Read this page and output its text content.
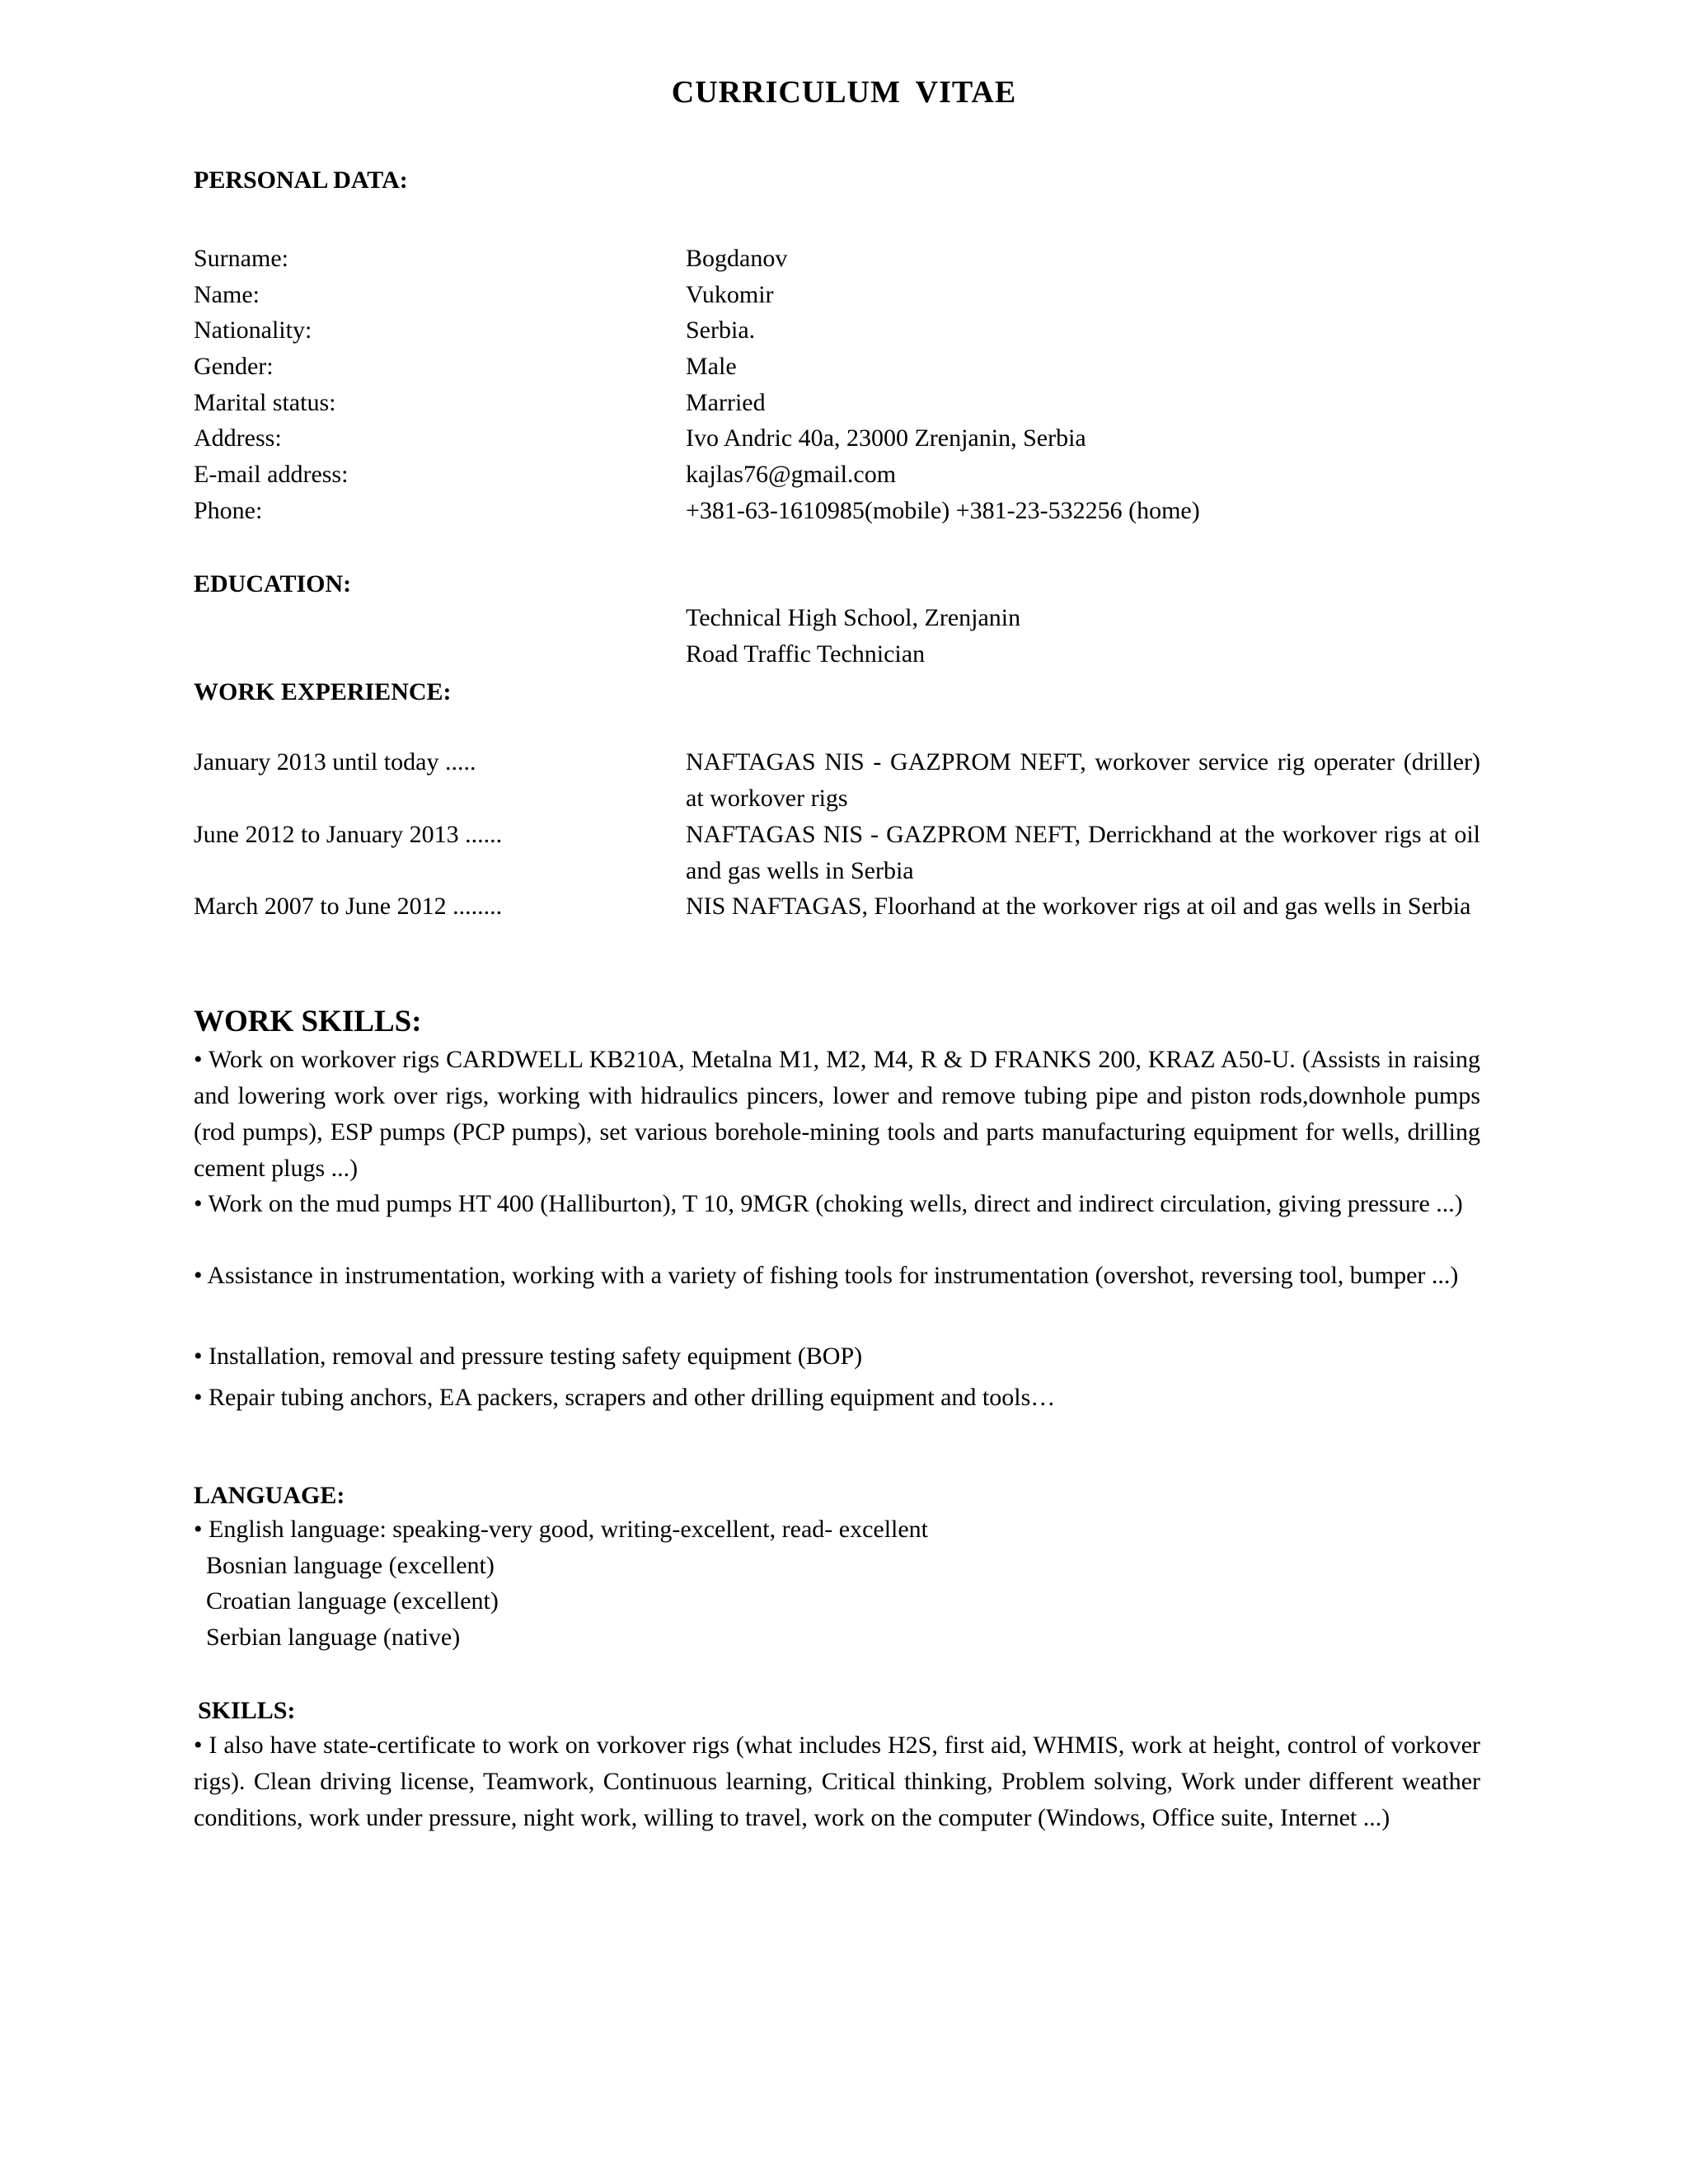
CURRICULUM VITAE
PERSONAL DATA:
Surname:	Bogdanov
Name:	Vukomir
Nationality:	Serbia.
Gender:	Male
Marital status:	Married
Address:	Ivo Andric 40a, 23000 Zrenjanin, Serbia
E-mail address:	kajlas76@gmail.com
Phone:	+381-63-1610985(mobile) +381-23-532256 (home)
EDUCATION:
Technical High School, Zrenjanin
Road Traffic Technician
WORK EXPERIENCE:
January 2013 until today .....	NAFTAGAS NIS - GAZPROM NEFT, workover service rig operater (driller) at workover rigs
June 2012 to January 2013 ......	NAFTAGAS NIS - GAZPROM NEFT, Derrickhand at the workover rigs at oil and gas wells in Serbia
March 2007 to June 2012 ........	NIS NAFTAGAS, Floorhand at the workover rigs at oil and gas wells in Serbia
WORK SKILLS:
• Work on workover rigs CARDWELL KB210A, Metalna M1, M2, M4, R & D FRANKS 200, KRAZ A50-U. (Assists in raising and lowering work over rigs, working with hidraulics pincers, lower and remove tubing pipe and piston rods,downhole pumps (rod pumps), ESP pumps (PCP pumps), set various borehole-mining tools and parts manufacturing equipment for wells, drilling cement plugs ...)
• Work on the mud pumps HT 400 (Halliburton), T 10, 9MGR (choking wells, direct and indirect circulation, giving pressure ...)
• Assistance in instrumentation, working with a variety of fishing tools for instrumentation (overshot, reversing tool, bumper ...)
• Installation, removal and pressure testing safety equipment (BOP)
• Repair tubing anchors, EA packers, scrapers and other drilling equipment and tools…
LANGUAGE:
• English language: speaking-very good, writing-excellent, read- excellent
Bosnian language (excellent)
Croatian language (excellent)
Serbian language (native)
SKILLS:
• I also have state-certificate to work on vorkover rigs (what includes H2S, first aid, WHMIS, work at height, control of vorkover rigs). Clean driving license, Teamwork, Continuous learning, Critical thinking, Problem solving, Work under different weather conditions, work under pressure, night work, willing to travel, work on the computer (Windows, Office suite, Internet ...)
